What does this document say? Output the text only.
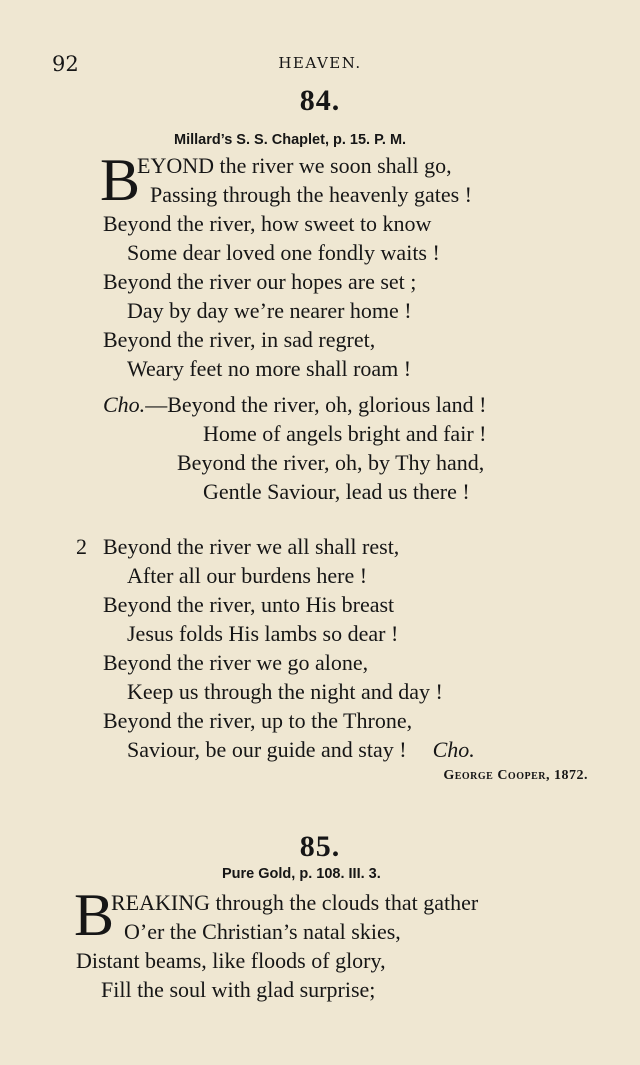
92	HEAVEN.
84.
Millard’s S. S. Chaplet, p. 15. P. M.
B
EYOND the river we soon shall go,
Passing through the heavenly gates !
Beyond the river, how sweet to know
Some dear loved one fondly waits !
Beyond the river our hopes are set ;
Day by day we’re nearer home !
Beyond the river, in sad regret,
Weary feet no more shall roam !
Cho.—Beyond the river, oh, glorious land !
Home of angels bright and fair !
Beyond the river, oh, by Thy hand,
Gentle Saviour, lead us there !
2 Beyond the river we all shall rest,
After all our burdens here !
Beyond the river, unto His breast
Jesus folds His lambs so dear !
Beyond the river we go alone,
Keep us through the night and day !
Beyond the river, up to the Throne,
Saviour, be our guide and stay ! Cho.
George Cooper, 1872.
85.
Pure Gold, p. 108. III. 3.
B
REAKING through the clouds that gather
O’er the Christian’s natal skies,
Distant beams, like floods of glory,
Fill the soul with glad surprise;
